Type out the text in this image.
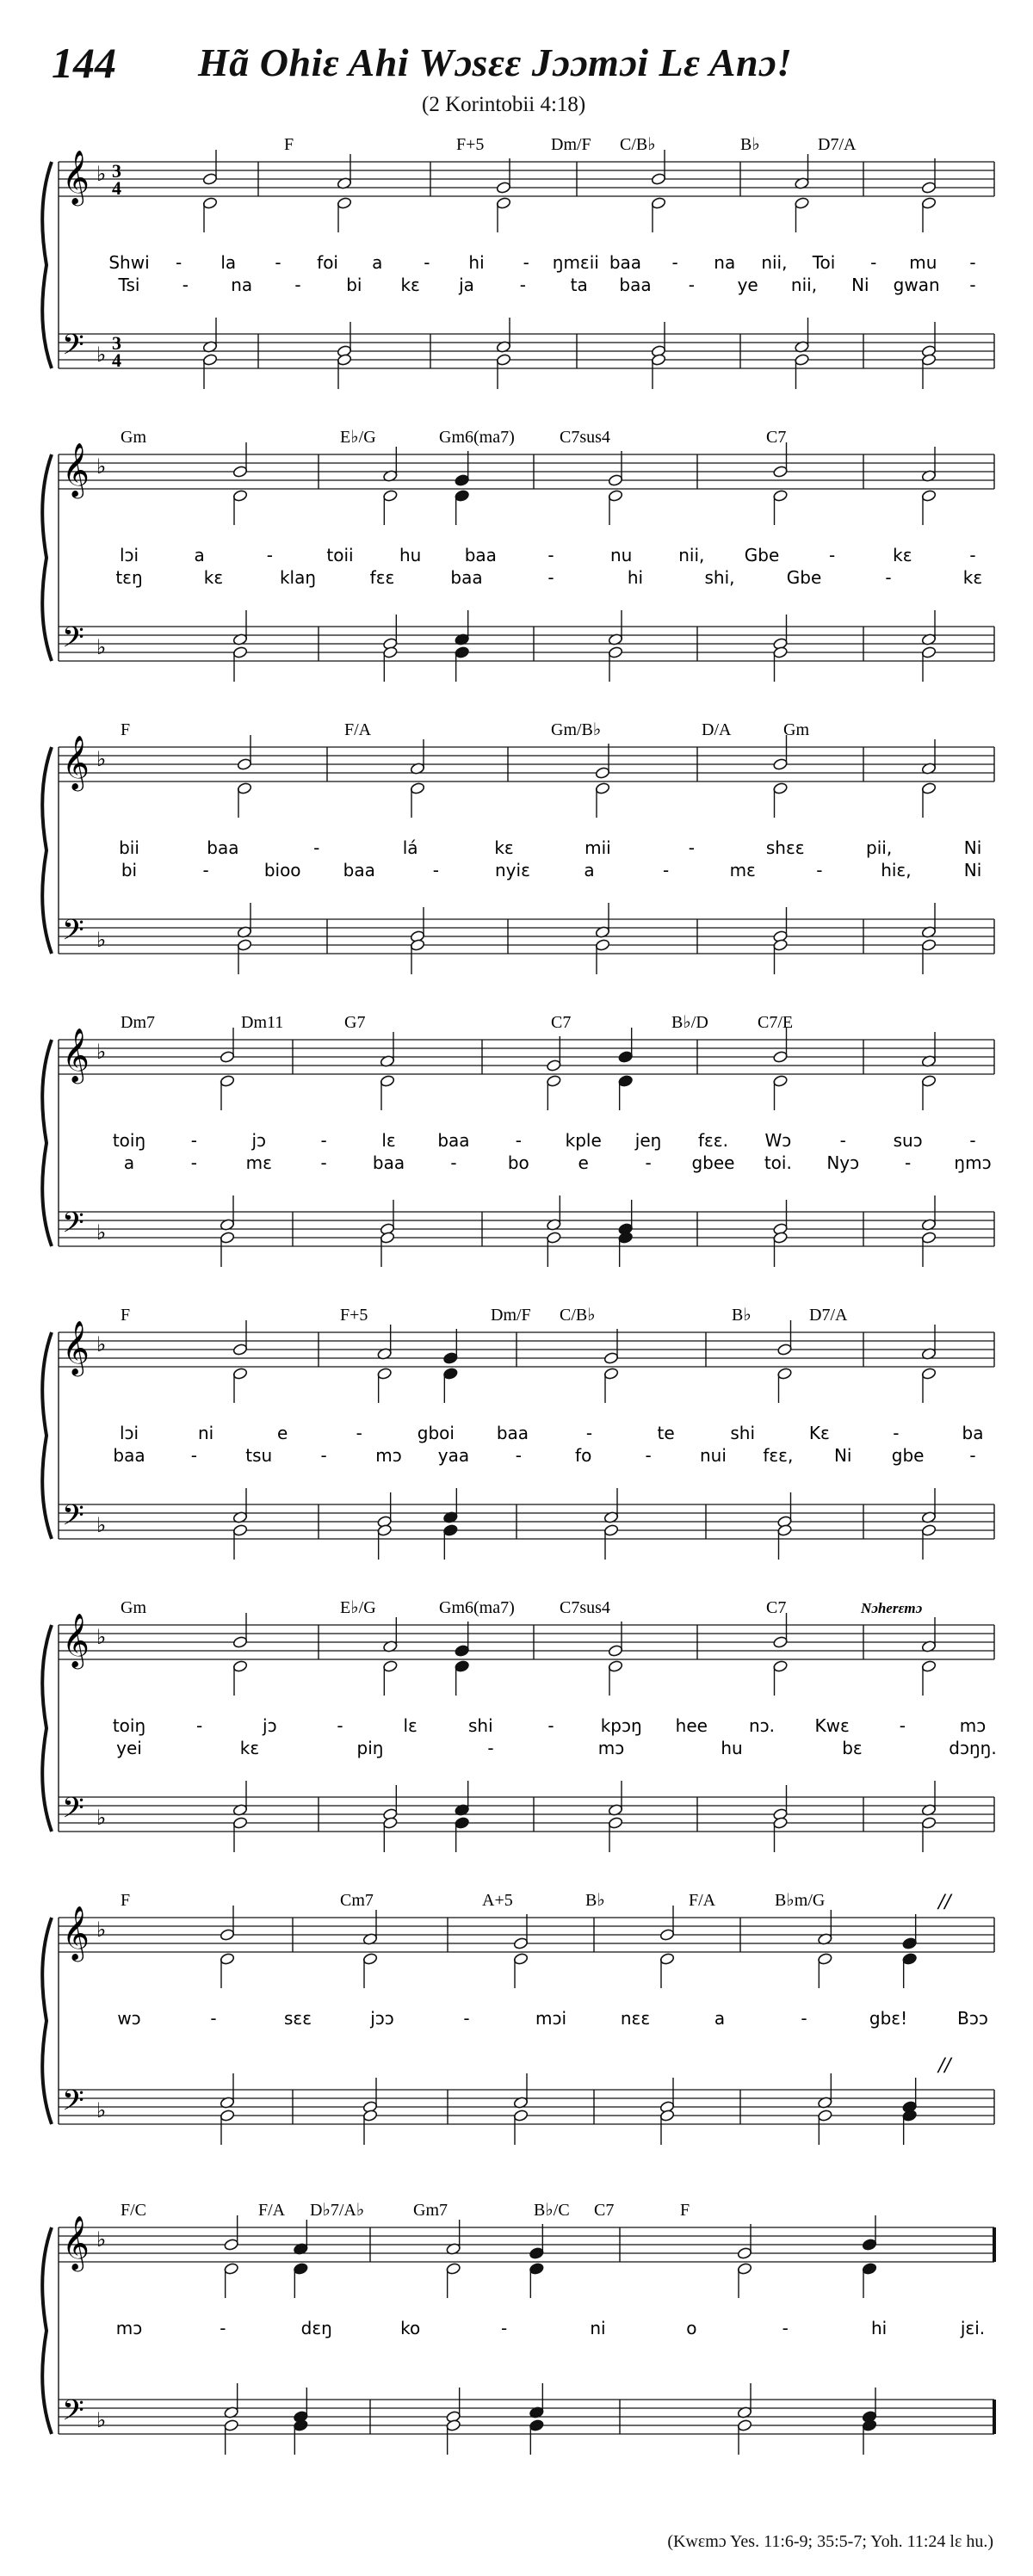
144 Hã Ohiɛ Ahi Wɔsɛɛ Jɔɔmɔi Lɛ Anɔ!
(2 Korintobii 4:18)
𝄞
𝄢
♭
♭
3
3
4
4
F	F+5	Dm/F C/B♭	B♭	D7/A
Shwi - la - foi a - hi - ŋmɛii baa - na nii, Toi - mu -
Tsi - na -	bi kɛ ja	-	ta baa - ye nii, Ni gwan -
𝄞
𝄢
♭
♭
Gm	E♭/G	Gm6(ma7)	C7sus4	C7
lɔi	a	-	toii	hu	baa	-	nu	nii, Gbe	-	kɛ	-
tɛŋ	kɛ	klaŋ	fɛɛ	baa	-	hi	shi,	Gbe	-	kɛ
𝄞
𝄢
♭
♭
F	F/A	Gm/B♭	D/A	Gm
bii	baa	-	lá	kɛ	mii	-	shɛɛ	pii,	Ni
bi	-	bioo baa	-	nyiɛ	a	-	mɛ	-	hiɛ,	Ni
𝄞
𝄢
♭
♭
Dm7	Dm11	G7	C7	B♭/D	C7/E
toiŋ	-	jɔ	-	lɛ baa	-	kple jeŋ fɛɛ. Wɔ	-	suɔ	-
a	-	mɛ	-	baa	-	bo	e	- gbee toi. Nyɔ	-	ŋmɔ
𝄞
𝄢
♭
♭
F	F+5	Dm/F C/B♭	B♭	D7/A
lɔi	ni	e	-	gboi baa	-	te	shi	Kɛ	-	ba
baa	-	tsu	-	mɔ yaa	-	fo	-	nui fɛɛ, Ni gbe	-
𝄞
𝄢
♭
♭
Gm	E♭/G	Gm6(ma7)	C7sus4	C7	Nɔherɛmɔ
toiŋ	-	jɔ	-	lɛ	shi	-	kpɔŋ hee nɔ. Kwɛ	-	mɔ
yei	kɛ	piŋ	-	mɔ	hu	bɛ	dɔŋŋ.
𝄞
𝄢
♭
♭
F	Cm7	A+5	B♭	F/A	B♭m/G	//
//
wɔ	-	sɛɛ	jɔɔ	-	mɔi	nɛɛ	a	-	gbɛ!	Bɔɔ
𝄞
𝄢
♭
♭
F/C	F/A D♭7/A♭	Gm7	B♭/C C7	F
mɔ	-	dɛŋ	ko	-	ni	o	-	hi	jɛi.
(Kwɛmɔ Yes. 11:6-9; 35:5-7; Yoh. 11:24 lɛ hu.)
